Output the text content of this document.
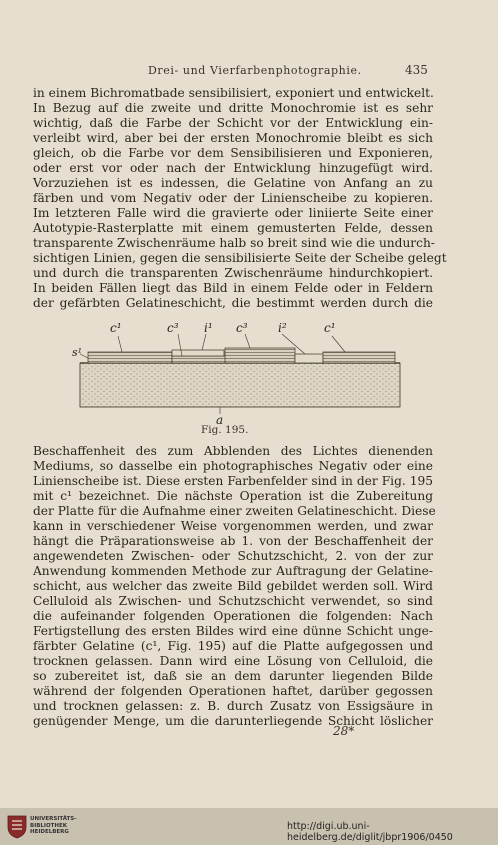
Drei- und Vierfarbenphotographie.	435
in einem Bichromatbade sensibilisiert, exponiert und entwickelt.
In Bezug auf die zweite und dritte Monochromie ist es sehr
wichtig, daß die Farbe der Schicht vor der Entwicklung ein-
verleibt wird, aber bei der ersten Monochromie bleibt es sich
gleich, ob die Farbe vor dem Sensibilisieren und Exponieren,
oder erst vor oder nach der Entwicklung hinzugefügt wird.
Vorzuziehen ist es indessen, die Gelatine von Anfang an zu
färben und vom Negativ oder der Linienscheibe zu kopieren.
Im letzteren Falle wird die gravierte oder liniierte Seite einer
Autotypie-Rasterplatte mit einem gemusterten Felde, dessen
transparente Zwischenräume halb so breit sind wie die undurch-
sichtigen Linien, gegen die sensibilisierte Seite der Scheibe gelegt
und durch die transparenten Zwischenräume hindurchkopiert.
In beiden Fällen liegt das Bild in einem Felde oder in Feldern
der gefärbten Gelatineschicht, die bestimmt werden durch die
c¹	c³ i¹ c³	i²	c¹
s¹
a
Fig. 195.
Beschaffenheit des zum Abblenden des Lichtes dienenden
Mediums, so dasselbe ein photographisches Negativ oder eine
Linienscheibe ist. Diese ersten Farbenfelder sind in der Fig. 195
mit c¹ bezeichnet. Die nächste Operation ist die Zubereitung
der Platte für die Aufnahme einer zweiten Gelatineschicht. Diese
kann in verschiedener Weise vorgenommen werden, und zwar
hängt die Präparationsweise ab 1. von der Beschaffenheit der
angewendeten Zwischen- oder Schutzschicht, 2. von der zur
Anwendung kommenden Methode zur Auftragung der Gelatine-
schicht, aus welcher das zweite Bild gebildet werden soll. Wird
Celluloid als Zwischen- und Schutzschicht verwendet, so sind
die aufeinander folgenden Operationen die folgenden: Nach
Fertigstellung des ersten Bildes wird eine dünne Schicht unge-
färbter Gelatine (c¹, Fig. 195) auf die Platte aufgegossen und
trocknen gelassen. Dann wird eine Lösung von Celluloid, die
so zubereitet ist, daß sie an dem darunter liegenden Bilde
während der folgenden Operationen haftet, darüber gegossen
und trocknen gelassen: z. B. durch Zusatz von Essigsäure in
genügender Menge, um die darunterliegende Schicht löslicher
28*
UNIVERSITÄTS-
BIBLIOTHEK
HEIDELBERG	http://digi.ub.uni-heidelberg.de/diglit/jbpr1906/0450
